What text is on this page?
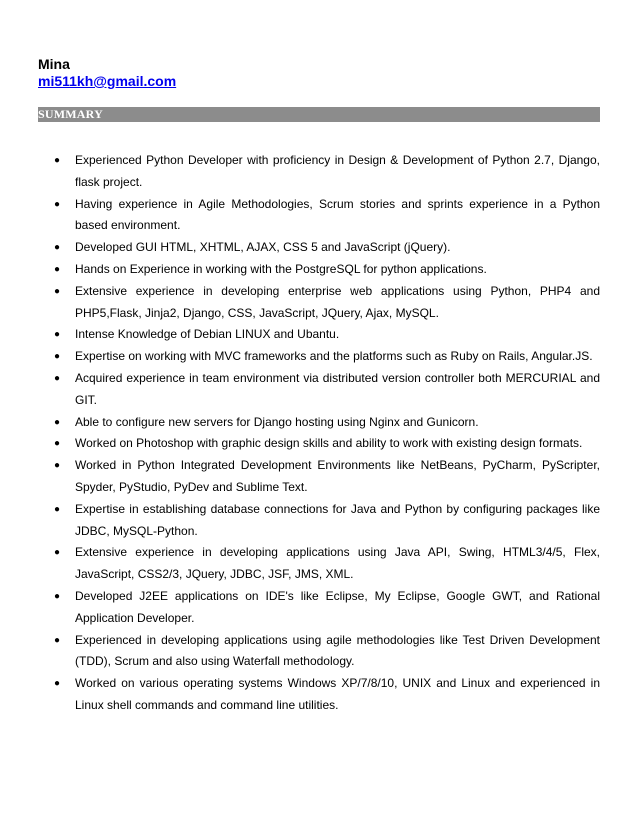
Mina
mi511kh@gmail.com
SUMMARY
● Experienced Python Developer with proficiency in Design & Development of Python 2.7, Django, flask project.
● Having experience in Agile Methodologies, Scrum stories and sprints experience in a Python based environment.
● Developed GUI HTML, XHTML, AJAX, CSS 5 and JavaScript (jQuery).
● Hands on Experience in working with the PostgreSQL for python applications.
● Extensive experience in developing enterprise web applications using Python, PHP4 and PHP5,Flask, Jinja2, Django, CSS, JavaScript, JQuery, Ajax, MySQL.
● Intense Knowledge of Debian LINUX and Ubantu.
● Expertise on working with MVC frameworks and the platforms such as Ruby on Rails, Angular.JS.
● Acquired experience in team environment via distributed version controller both MERCURIAL and GIT.
● Able to configure new servers for Django hosting using Nginx and Gunicorn.
● Worked on Photoshop with graphic design skills and ability to work with existing design formats.
● Worked in Python Integrated Development Environments like NetBeans, PyCharm, PyScripter, Spyder, PyStudio, PyDev and Sublime Text.
● Expertise in establishing database connections for Java and Python by configuring packages like JDBC, MySQL-Python.
● Extensive experience in developing applications using Java API, Swing, HTML3/4/5, Flex, JavaScript, CSS2/3, JQuery, JDBC, JSF, JMS, XML.
● Developed J2EE applications on IDE's like Eclipse, My Eclipse, Google GWT, and Rational Application Developer.
● Experienced in developing applications using agile methodologies like Test Driven Development (TDD), Scrum and also using Waterfall methodology.
● Worked on various operating systems Windows XP/7/8/10, UNIX and Linux and experienced in Linux shell commands and command line utilities.
